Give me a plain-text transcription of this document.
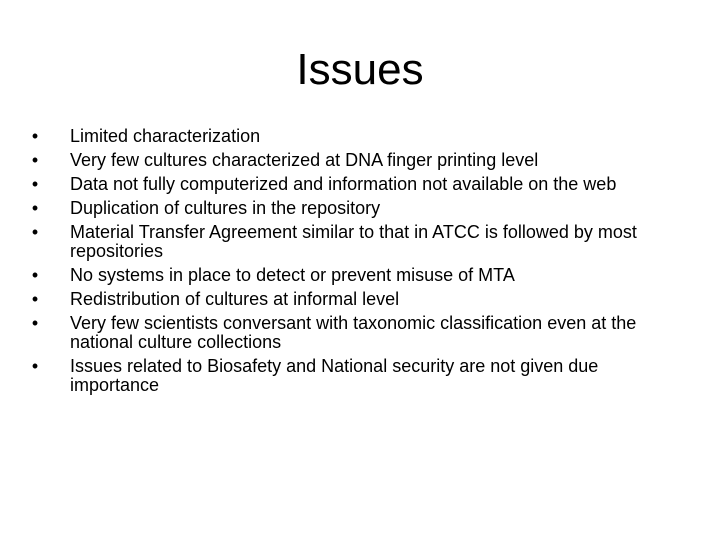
Issues
• Limited characterization
• Very few cultures characterized at DNA finger printing level
• Data not fully computerized and information not available on the web
• Duplication of cultures in the repository
• Material Transfer Agreement similar to that in ATCC is followed by most repositories
• No systems in place to detect or prevent misuse of MTA
• Redistribution of cultures at informal level
• Very few scientists conversant with taxonomic classification even at the national culture collections
• Issues related to Biosafety and National security are not given due importance
